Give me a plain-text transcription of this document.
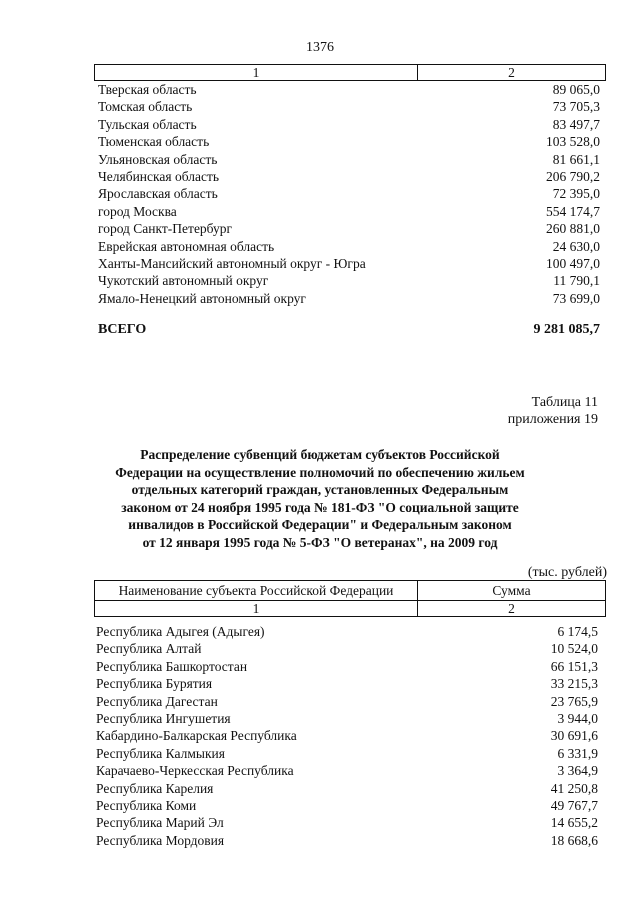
1376
1	2
Тверская область	89 065,0
Томская область	73 705,3
Тульская область	83 497,7
Тюменская область	103 528,0
Ульяновская область	81 661,1
Челябинская область	206 790,2
Ярославская область	72 395,0
город Москва	554 174,7
город Санкт-Петербург	260 881,0
Еврейская автономная область	24 630,0
Ханты-Мансийский автономный округ - Югра	100 497,0
Чукотский автономный округ	11 790,1
Ямало-Ненецкий автономный округ	73 699,0
ВСЕГО	9 281 085,7
Таблица 11
приложения 19
Распределение субвенций бюджетам субъектов Российской
Федерации на осуществление полномочий по обеспечению жильем
отдельных категорий граждан, установленных Федеральным
законом от 24 ноября 1995 года № 181-ФЗ "О социальной защите
инвалидов в Российской Федерации" и Федеральным законом
от 12 января 1995 года № 5-ФЗ "О ветеранах", на 2009 год
(тыс. рублей)
Наименование субъекта Российской Федерации	Сумма
1	2
Республика Адыгея (Адыгея)	6 174,5
Республика Алтай	10 524,0
Республика Башкортостан	66 151,3
Республика Бурятия	33 215,3
Республика Дагестан	23 765,9
Республика Ингушетия	3 944,0
Кабардино-Балкарская Республика	30 691,6
Республика Калмыкия	6 331,9
Карачаево-Черкесская Республика	3 364,9
Республика Карелия	41 250,8
Республика Коми	49 767,7
Республика Марий Эл	14 655,2
Республика Мордовия	18 668,6
